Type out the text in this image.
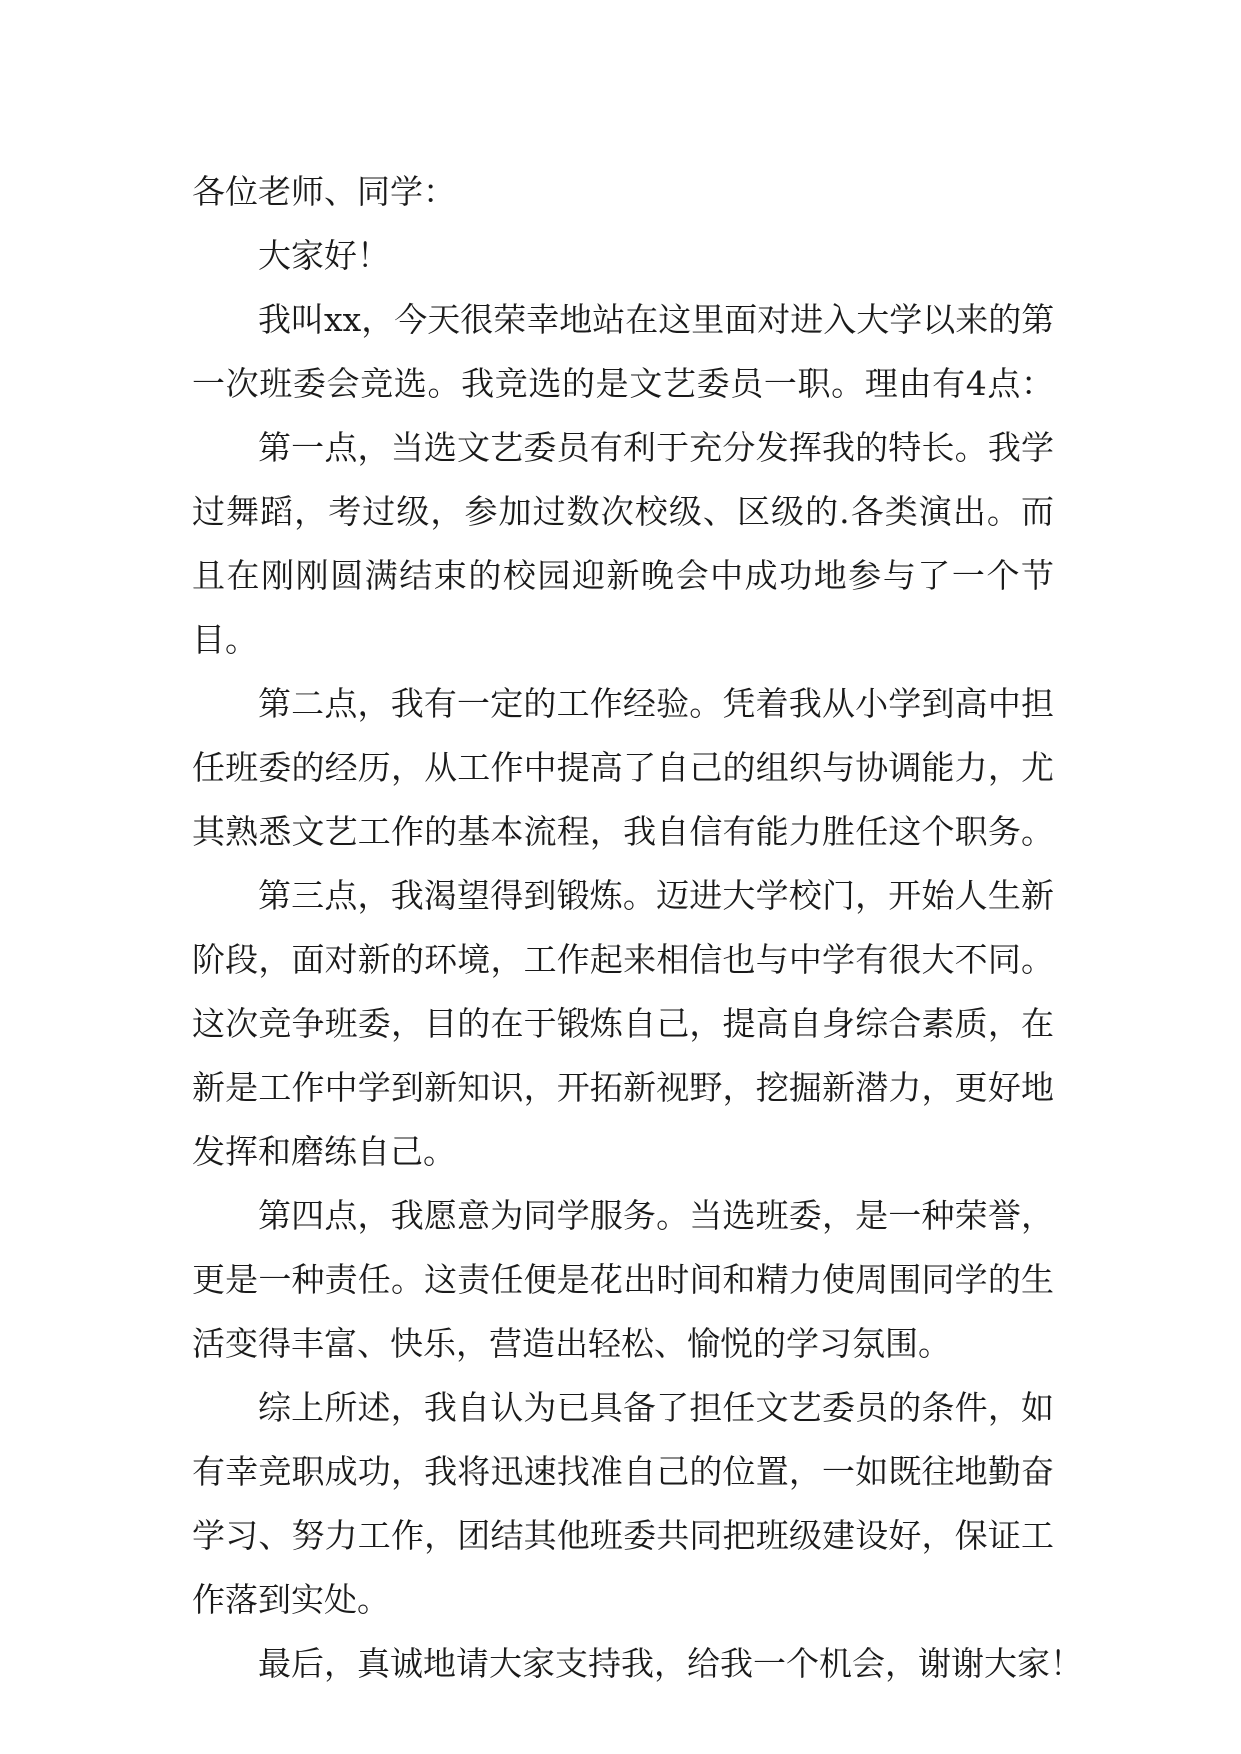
各位老师、同学：
大家好！
我叫xx，今天很荣幸地站在这里面对进入大学以来的第
一次班委会竞选。我竞选的是文艺委员一职。理由有4点：
第一点，当选文艺委员有利于充分发挥我的特长。我学
过舞蹈，考过级，参加过数次校级、区级的.各类演出。而
且在刚刚圆满结束的校园迎新晚会中成功地参与了一个节
目。
第二点，我有一定的工作经验。凭着我从小学到高中担
任班委的经历，从工作中提高了自己的组织与协调能力，尤
其熟悉文艺工作的基本流程，我自信有能力胜任这个职务。
第三点，我渴望得到锻炼。迈进大学校门，开始人生新
阶段，面对新的环境，工作起来相信也与中学有很大不同。
这次竞争班委，目的在于锻炼自己，提高自身综合素质，在
新是工作中学到新知识，开拓新视野，挖掘新潜力，更好地
发挥和磨练自己。
第四点，我愿意为同学服务。当选班委，是一种荣誉，
更是一种责任。这责任便是花出时间和精力使周围同学的生
活变得丰富、快乐，营造出轻松、愉悦的学习氛围。
综上所述，我自认为已具备了担任文艺委员的条件，如
有幸竞职成功，我将迅速找准自己的位置，一如既往地勤奋
学习、努力工作，团结其他班委共同把班级建设好，保证工
作落到实处。
最后，真诚地请大家支持我，给我一个机会，谢谢大家！
